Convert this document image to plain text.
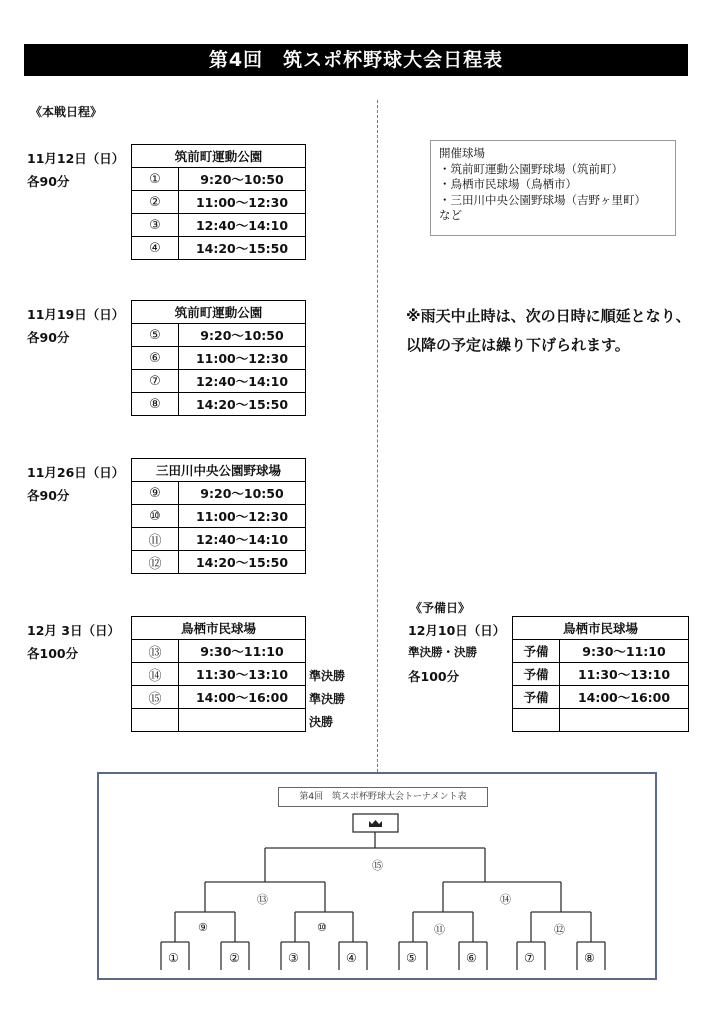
第4回　筑スポ杯野球大会日程表
《本戦日程》
11月12日（日）
各90分
筑前町運動公園	
①	9:20〜10:50
②	11:00〜12:30
③	12:40〜14:10
④	14:20〜15:50
11月19日（日）
各90分
筑前町運動公園	
⑤	9:20〜10:50
⑥	11:00〜12:30
⑦	12:40〜14:10
⑧	14:20〜15:50
11月26日（日）
各90分
三田川中央公園野球場	
⑨	9:20〜10:50
⑩	11:00〜12:30
⑪	12:40〜14:10
⑫	14:20〜15:50
12月 3日（日）
各100分
鳥栖市民球場	
⑬	9:30〜11:10
⑭	11:30〜13:10
⑮	14:00〜16:00

準決勝
準決勝
決勝
開催球場
・筑前町運動公園野球場（筑前町）
・鳥栖市民球場（鳥栖市）
・三田川中央公園野球場（吉野ヶ里町）
など
※雨天中止時は、次の日時に順延となり、以降の予定は繰り下げられます。
《予備日》
12月10日（日）
準決勝・決勝
各100分
鳥栖市民球場	
予備	9:30〜11:10
予備	11:30〜13:10
予備	14:00〜16:00

第4回　筑スポ杯野球大会トーナメント表
⑮
⑬	⑭
⑨	⑩	⑪	⑫
①	②	③	④	⑤	⑥	⑦	⑧
